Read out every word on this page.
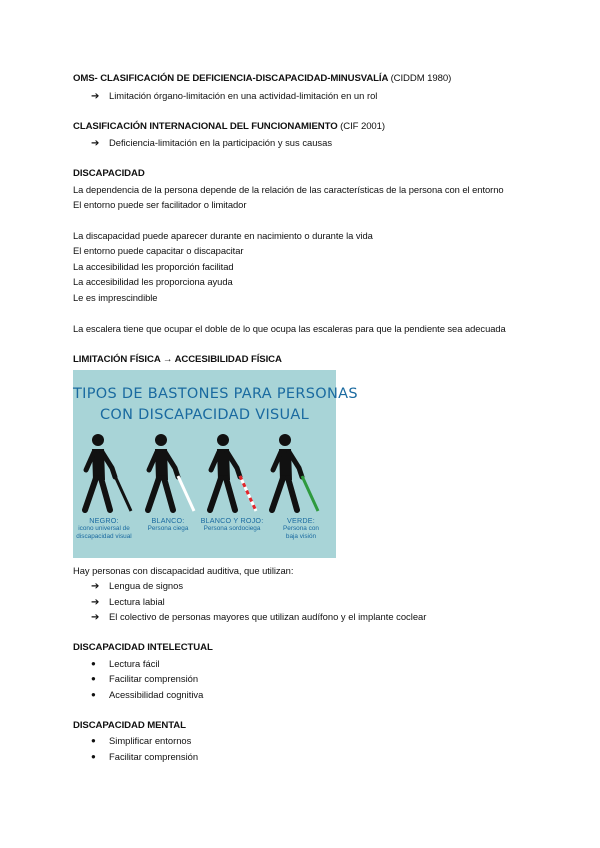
OMS- CLASIFICACIÓN DE DEFICIENCIA-DISCAPACIDAD-MINUSVALÍA (CIDDM 1980)
➔ Limitación órgano-limitación en una actividad-limitación en un rol
CLASIFICACIÓN INTERNACIONAL DEL FUNCIONAMIENTO (CIF 2001)
➔ Deficiencia-limitación en la participación y sus causas
DISCAPACIDAD
La dependencia de la persona depende de la relación de las características de la persona con el entorno
El entorno puede ser facilitador o limitador
La discapacidad puede aparecer durante en nacimiento o durante la vida
El entorno puede capacitar o discapacitar
La accesibilidad les proporción facilitad
La accesibilidad les proporciona ayuda
Le es imprescindible
La escalera tiene que ocupar el doble de lo que ocupa las escaleras para que la pendiente sea adecuada
LIMITACIÓN FÍSICA → ACCESIBILIDAD FÍSICA
TIPOS DE BASTONES PARA PERSONAS
CON DISCAPACIDAD VISUAL
NEGRO:
icono universal de
discapacidad visual
BLANCO:
Persona ciega
BLANCO Y ROJO:
Persona sordociega
VERDE:
Persona con
baja visión
Hay personas con discapacidad auditiva, que utilizan:
➔ Lengua de signos
➔ Lectura labial
➔ El colectivo de personas mayores que utilizan audífono y el implante coclear
DISCAPACIDAD INTELECTUAL
● Lectura fácil
● Facilitar comprensión
● Acessibilidad cognitiva
DISCAPACIDAD MENTAL
● Simplificar entornos
● Facilitar comprensión
